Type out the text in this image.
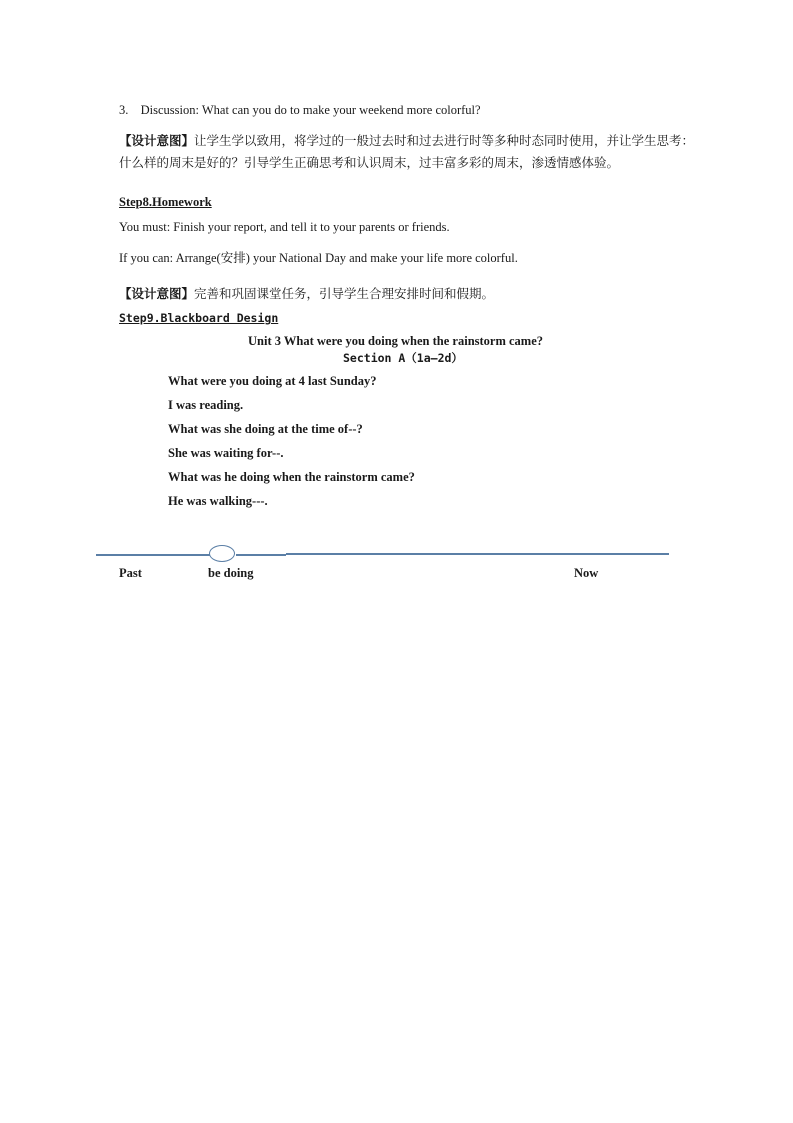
3. Discussion: What can you do to make your weekend more colorful?
【设计意图】让学生学以致用，将学过的一般过去时和过去进行时等多种时态同时使用，并让学生思考：什么样的周末是好的？引导学生正确思考和认识周末，过丰富多彩的周末，渗透情感体验。
Step8.Homework
You must: Finish your report, and tell it to your parents or friends.
If you can: Arrange(安排) your National Day and make your life more colorful.
【设计意图】完善和巩固课堂任务，引导学生合理安排时间和假期。
Step9.Blackboard Design
Unit 3 What were you doing when the rainstorm came?
Section A（1a—2d）
What were you doing at 4 last Sunday?
I was reading.
What was she doing at the time of--?
She was waiting for--.
What was he doing when the rainstorm came?
He was walking---.
Past	be doing	Now
